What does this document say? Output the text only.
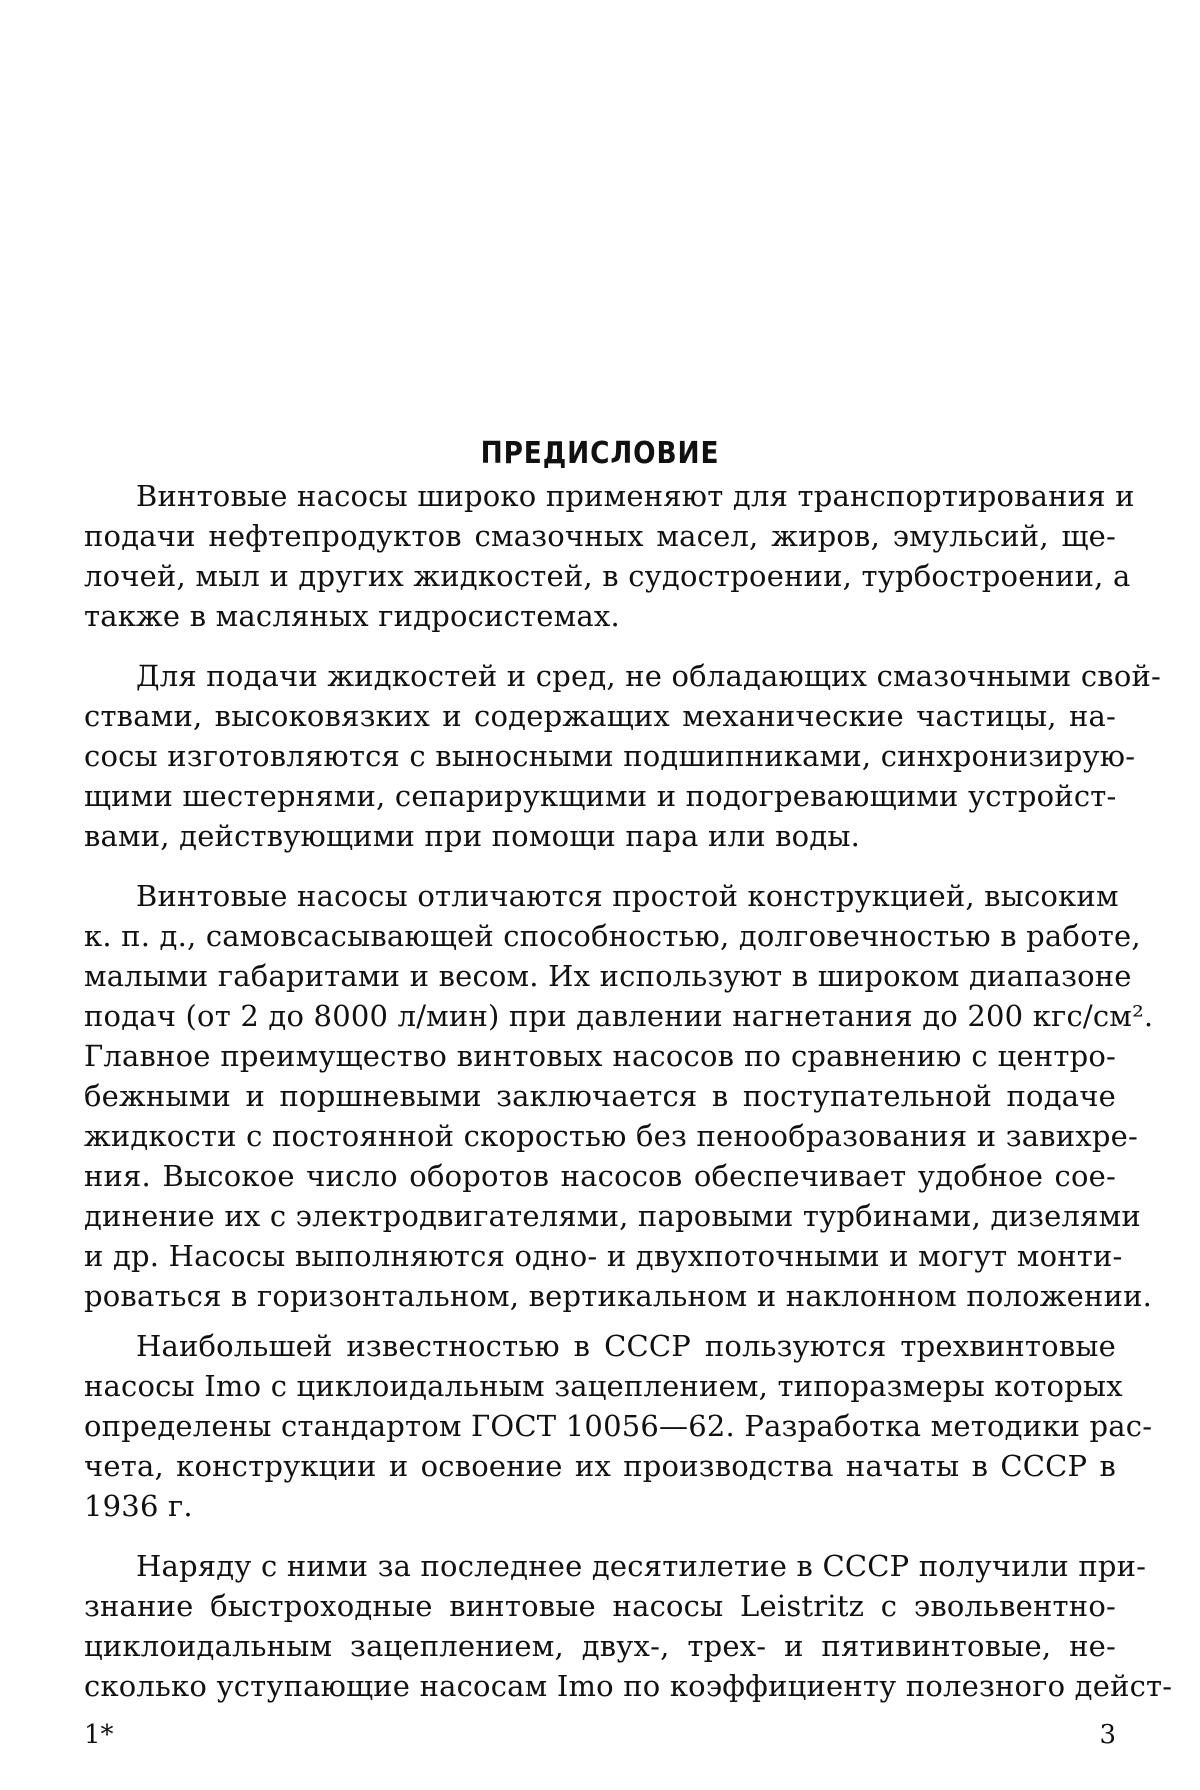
ПРЕДИСЛОВИЕ
Винтовые насосы широко применяют для транспортирования и
подачи нефтепродуктов смазочных масел, жиров, эмульсий, ще-
лочей, мыл и других жидкостей, в судостроении, турбостроении, а
также в масляных гидросистемах.
Для подачи жидкостей и сред, не обладающих смазочными свой-
ствами, высоковязких и содержащих механические частицы, на-
сосы изготовляются с выносными подшипниками, синхронизирую-
щими шестернями, сепарирукщими и подогревающими устройст-
вами, действующими при помощи пара или воды.
Винтовые насосы отличаются простой конструкцией, высоким
к. п. д., самовсасывающей способностью, долговечностью в работе,
малыми габаритами и весом. Их используют в широком диапазоне
подач (от 2 до 8000 л/мин) при давлении нагнетания до 200 кгс/см².
Главное преимущество винтовых насосов по сравнению с центро-
бежными и поршневыми заключается в поступательной подаче
жидкости с постоянной скоростью без пенообразования и завихре-
ния. Высокое число оборотов насосов обеспечивает удобное сое-
динение их с электродвигателями, паровыми турбинами, дизелями
и др. Насосы выполняются одно- и двухпоточными и могут монти-
роваться в горизонтальном, вертикальном и наклонном положении.
Наибольшей известностью в СССР пользуются трехвинтовые
насосы Imo с циклоидальным зацеплением, типоразмеры которых
определены стандартом ГОСТ 10056—62. Разработка методики рас-
чета, конструкции и освоение их производства начаты в СССР в
1936 г.
Наряду с ними за последнее десятилетие в СССР получили при-
знание быстроходные винтовые насосы Leistritz с эвольвентно-
циклоидальным зацеплением, двух-, трех- и пятивинтовые, не-
сколько уступающие насосам Imo по коэффициенту полезного дейст-
1*	3
